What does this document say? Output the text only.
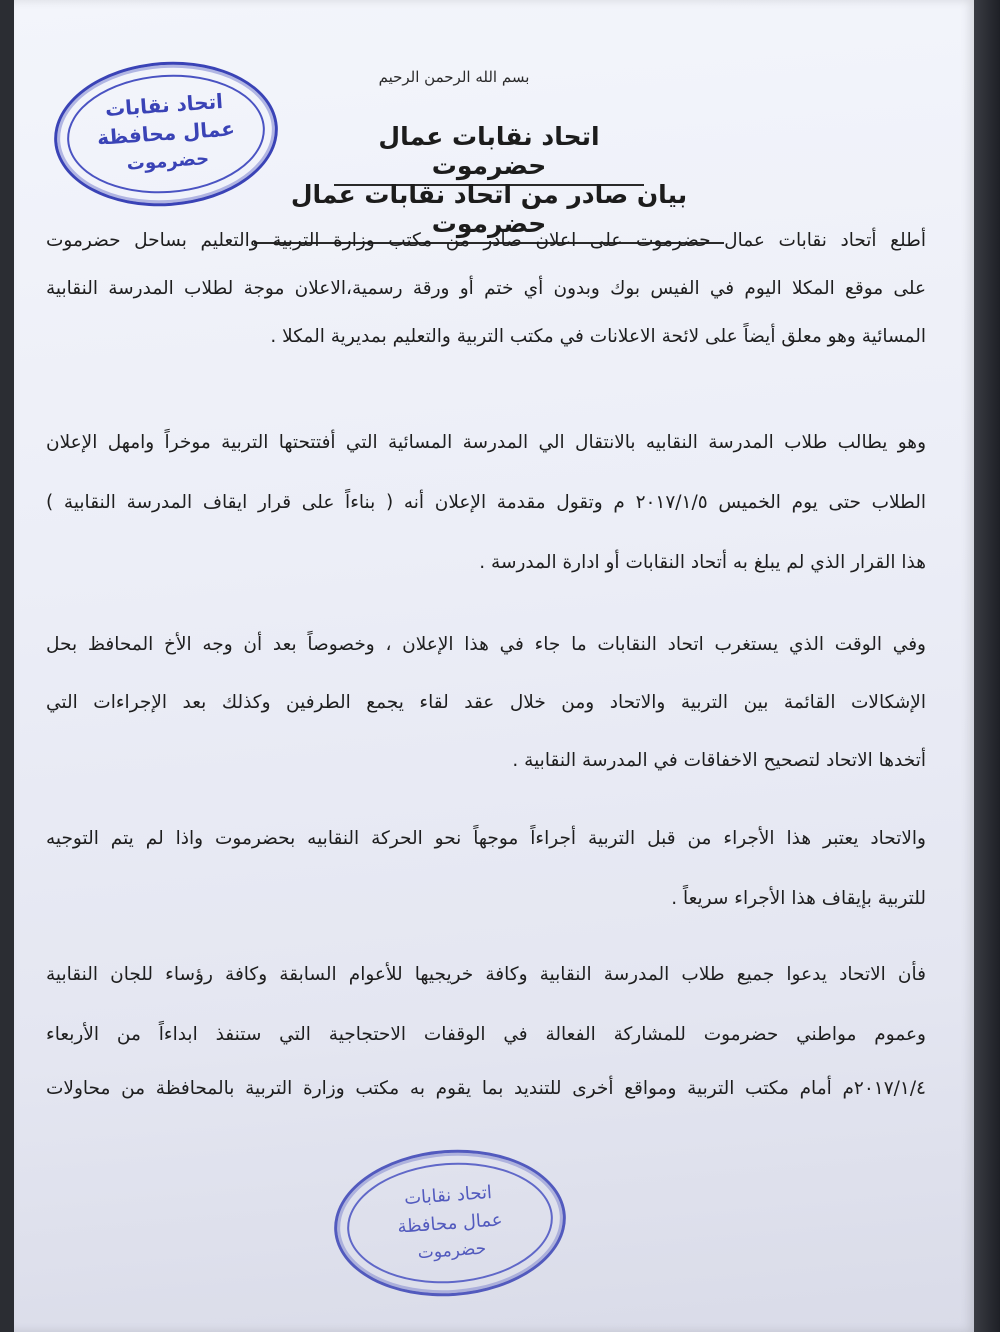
اتحاد نقابات
عمال محافظة
حضرموت
بسم الله الرحمن الرحيم
اتحاد نقابات عمال حضرموت
بيان صادر من اتحاد نقابات عمال حضرموت
أطلع أتحاد نقابات عمال حضرموت على اعلان صادر من مكتب وزارة التربية والتعليم بساحل حضرموت
على موقع المكلا اليوم في الفيس بوك وبدون أي ختم أو ورقة رسمية،الاعلان موجة لطلاب المدرسة النقابية
المسائية وهو معلق أيضاً على لائحة الاعلانات في مكتب التربية والتعليم بمديرية المكلا .
وهو يطالب طلاب المدرسة النقابيه بالانتقال الي المدرسة المسائية التي أفتتحتها التربية موخراً وامهل الإعلان
الطلاب حتى يوم الخميس ٢٠١٧/١/٥ م وتقول مقدمة الإعلان أنه ( بناءاً على قرار ايقاف المدرسة النقابية )
هذا القرار الذي لم يبلغ به أتحاد النقابات أو ادارة المدرسة .
وفي الوقت الذي يستغرب اتحاد النقابات ما جاء في هذا الإعلان ، وخصوصاً بعد أن وجه الأخ المحافظ بحل
الإشكالات القائمة بين التربية والاتحاد ومن خلال عقد لقاء يجمع الطرفين وكذلك بعد الإجراءات التي
أتخدها الاتحاد لتصحيح الاخفاقات في المدرسة النقابية .
والاتحاد يعتبر هذا الأجراء من قبل التربية أجراءاً موجهاً نحو الحركة النقابيه بحضرموت واذا لم يتم التوجيه
للتربية بإيقاف هذا الأجراء سريعاً .
فأن الاتحاد يدعوا جميع طلاب المدرسة النقابية وكافة خريجيها للأعوام السابقة وكافة رؤساء للجان النقابية
وعموم مواطني حضرموت للمشاركة الفعالة في الوقفات الاحتجاجية التي ستنفذ ابداءاً من الأربعاء
٢٠١٧/١/٤م أمام مكتب التربية ومواقع أخرى للتنديد بما يقوم به مكتب وزارة التربية بالمحافظة من محاولات
اتحاد نقابات
عمال محافظة
حضرموت
